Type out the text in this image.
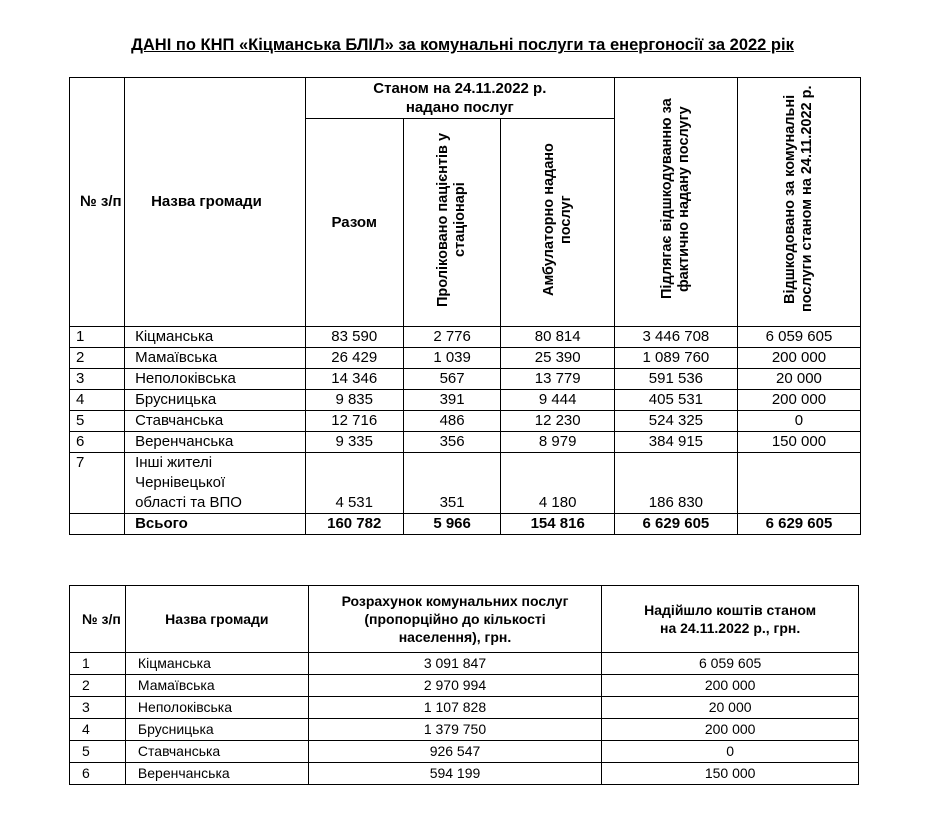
ДАНІ по КНП «Кіцманська БЛІЛ» за комунальні послуги та енергоносії за 2022 рік
№ з/п	Назва громади	Станом на 24.11.2022 р. надано послуг			Підлягає відшкодуванню за фактично надану послугу	Відшкодовано за комунальні послуги станом на 24.11.2022 р.
		Разом	Проліковано пацієнтів у стаціонарі	Амбулаторно надано послуг		
1	Кіцманська	83 590	2 776	80 814	3 446 708	6 059 605
2	Мамаївська	26 429	1 039	25 390	1 089 760	200 000
3	Неполоківська	14 346	567	13 779	591 536	20 000
4	Брусницька	9 835	391	9 444	405 531	200 000
5	Ставчанська	12 716	486	12 230	524 325	0
6	Веренчанська	9 335	356	8 979	384 915	150 000
7	Інші жителі
Чернівецької
області та ВПО	4 531	351	4 180	186 830	
	Всього	160 782	5 966	154 816	6 629 605	6 629 605
№ з/п	Назва громади	Розрахунок комунальних послуг (пропорційно до кількості населення), грн.	Надійшло коштів станом на 24.11.2022 р., грн.
1	Кіцманська	3 091 847	6 059 605
2	Мамаївська	2 970 994	200 000
3	Неполоківська	1 107 828	20 000
4	Брусницька	1 379 750	200 000
5	Ставчанська	926 547	0
6	Веренчанська	594 199	150 000
